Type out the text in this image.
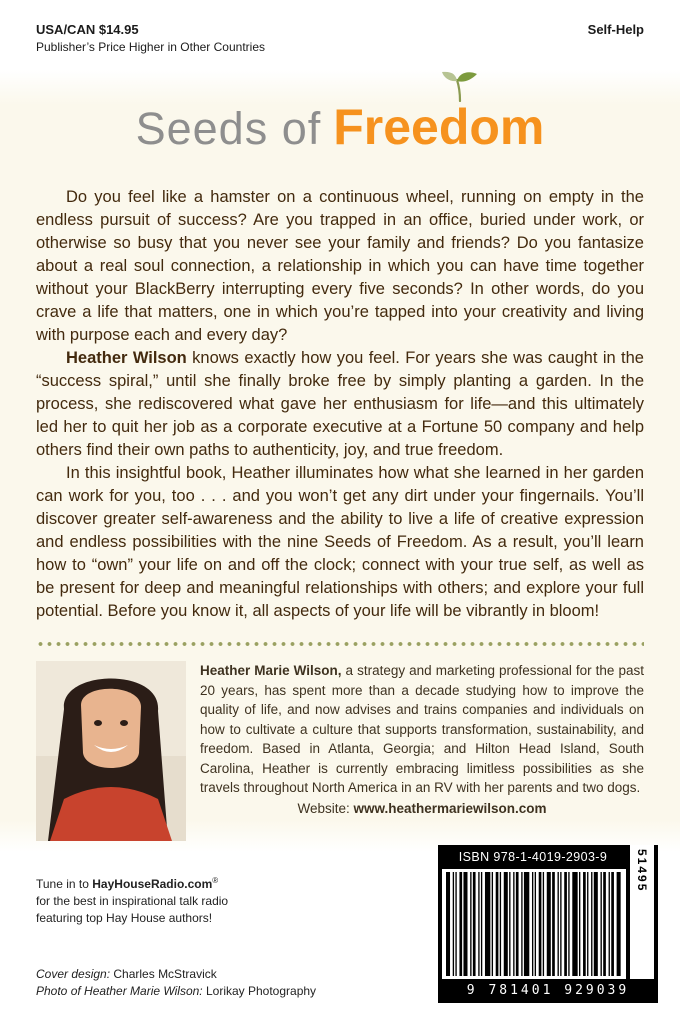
USA/CAN $14.95
Publisher’s Price Higher in Other Countries
Self-Help
Seeds of Freedom

Do you feel like a hamster on a continuous wheel, running on empty in the endless pursuit of success? Are you trapped in an office, buried under work, or otherwise so busy that you never see your family and friends? Do you fantasize about a real soul connection, a relationship in which you can have time together without your BlackBerry interrupting every five seconds? In other words, do you crave a life that matters, one in which you’re tapped into your creativity and living with purpose each and every day?

Heather Wilson knows exactly how you feel. For years she was caught in the “success spiral,” until she finally broke free by simply planting a garden. In the process, she rediscovered what gave her enthusiasm for life—and this ultimately led her to quit her job as a corporate executive at a Fortune 50 company and help others find their own paths to authenticity, joy, and true freedom.

In this insightful book, Heather illuminates how what she learned in her garden can work for you, too . . . and you won’t get any dirt under your fingernails. You’ll discover greater self-awareness and the ability to live a life of creative expression and endless possibilities with the nine Seeds of Freedom. As a result, you’ll learn how to “own” your life on and off the clock; connect with your true self, as well as be present for deep and meaningful relationships with others; and explore your full potential. Before you know it, all aspects of your life will be vibrantly in bloom!

Heather Marie Wilson, a strategy and marketing professional for the past 20 years, has spent more than a decade studying how to improve the quality of life, and now advises and trains companies and individuals on how to cultivate a culture that supports transformation, sustainability, and freedom. Based in Atlanta, Georgia; and Hilton Head Island, South Carolina, Heather is currently embracing limitless possibilities as she travels throughout North America in an RV with her parents and two dogs.

Website: www.heathermariewilson.com

Tune in to HayHouseRadio.com®
for the best in inspirational talk radio
featuring top Hay House authors!
Cover design: Charles McStravick
Photo of Heather Marie Wilson: Lorikay Photography
ISBN 978-1-4019-2903-9	51495
9 781401 929039
